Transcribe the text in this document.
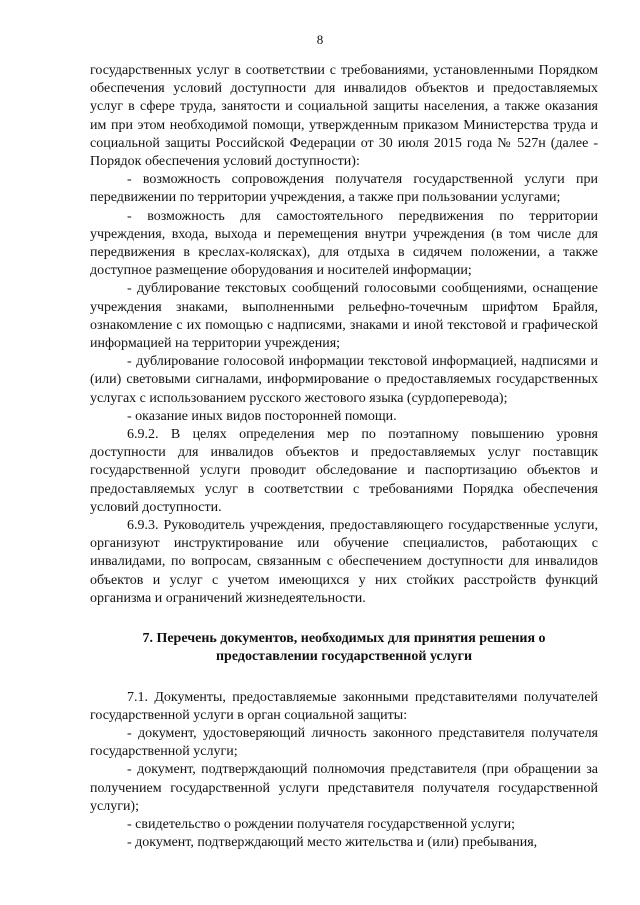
8

государственных услуг в соответствии с требованиями, установленными Порядком обеспечения условий доступности для инвалидов объектов и предоставляемых услуг в сфере труда, занятости и социальной защиты населения, а также оказания им при этом необходимой помощи, утвержденным приказом Министерства труда и социальной защиты Российской Федерации от 30 июля 2015 года № 527н (далее - Порядок обеспечения условий доступности):

- возможность сопровождения получателя государственной услуги при передвижении по территории учреждения, а также при пользовании услугами;

- возможность для самостоятельного передвижения по территории учреждения, входа, выхода и перемещения внутри учреждения (в том числе для передвижения в креслах-колясках), для отдыха в сидячем положении, а также доступное размещение оборудования и носителей информации;

- дублирование текстовых сообщений голосовыми сообщениями, оснащение учреждения знаками, выполненными рельефно-точечным шрифтом Брайля, ознакомление с их помощью с надписями, знаками и иной текстовой и графической информацией на территории учреждения;

- дублирование голосовой информации текстовой информацией, надписями и (или) световыми сигналами, информирование о предоставляемых государственных услугах с использованием русского жестового языка (сурдоперевода);

- оказание иных видов посторонней помощи.

6.9.2. В целях определения мер по поэтапному повышению уровня доступности для инвалидов объектов и предоставляемых услуг поставщик государственной услуги проводит обследование и паспортизацию объектов и предоставляемых услуг в соответствии с требованиями Порядка обеспечения условий доступности.

6.9.3. Руководитель учреждения, предоставляющего государственные услуги, организуют инструктирование или обучение специалистов, работающих с инвалидами, по вопросам, связанным с обеспечением доступности для инвалидов объектов и услуг с учетом имеющихся у них стойких расстройств функций организма и ограничений жизнедеятельности.

7. Перечень документов, необходимых для принятия решения о
предоставлении государственной услуги

7.1. Документы, предоставляемые законными представителями получателей государственной услуги в орган социальной защиты:

- документ, удостоверяющий личность законного представителя получателя государственной услуги;

- документ, подтверждающий полномочия представителя (при обращении за получением государственной услуги представителя получателя государственной услуги);

- свидетельство о рождении получателя государственной услуги;

- документ, подтверждающий место жительства и (или) пребывания,
